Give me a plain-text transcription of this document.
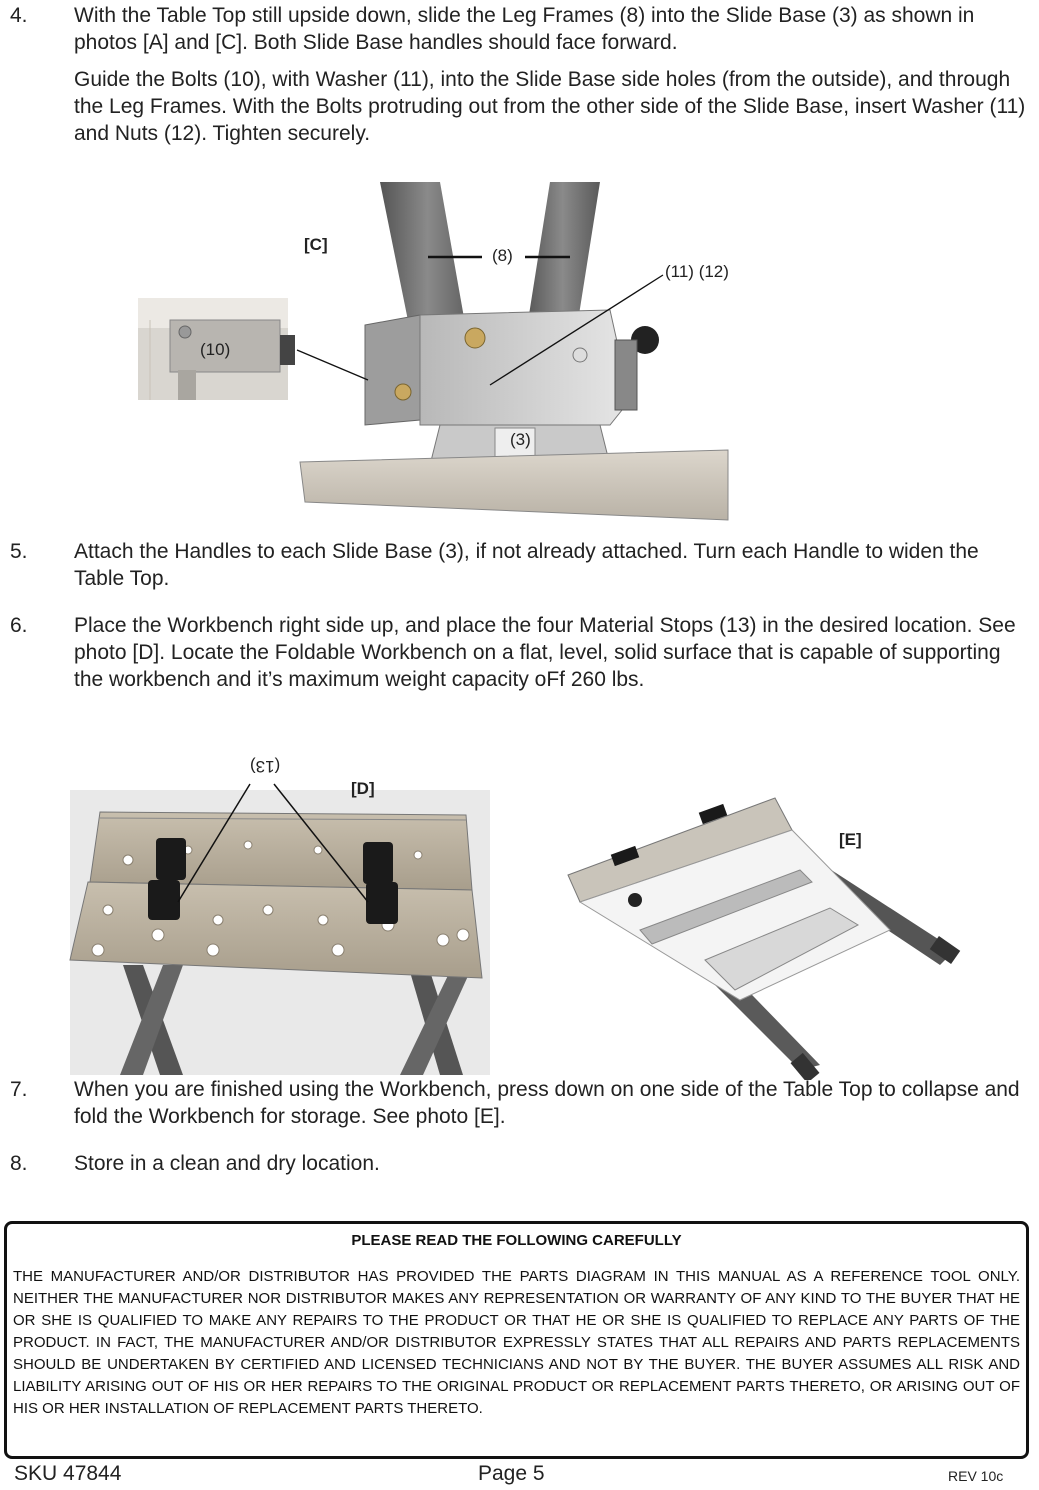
4.	With the Table Top still upside down, slide the Leg Frames (8) into the Slide Base (3) as shown in photos [A] and [C]. Both Slide Base handles should face forward.

Guide the Bolts (10), with Washer (11), into the Slide Base side holes (from the outside), and through the Leg Frames. With the Bolts protruding out from the other side of the Slide Base, insert Washer (11) and Nuts (12). Tighten securely.

[C]
(8)
(11) (12)
(10)
(3)
5.	Attach the Handles to each Slide Base (3), if not already attached. Turn each Handle to widen the Table Top.

6.	Place the Workbench right side up, and place the four Material Stops (13) in the desired location. See photo [D]. Locate the Foldable Workbench on a flat, level, solid surface that is capable of supporting the workbench and it’s maximum weight capacity oFf 260 lbs.

(13)
[D]
[E]
7.	When you are finished using the Workbench, press down on one side of the Table Top to collapse and fold the Workbench for storage. See photo [E].

8.	Store in a clean and dry location.

PLEASE READ THE FOLLOWING CAREFULLY
THE MANUFACTURER AND/OR DISTRIBUTOR HAS PROVIDED THE PARTS DIAGRAM IN THIS MANUAL AS A REFERENCE TOOL ONLY. NEITHER THE MANUFACTURER NOR DISTRIBUTOR MAKES ANY REPRESENTATION OR WARRANTY OF ANY KIND TO THE BUYER THAT HE OR SHE IS QUALIFIED TO MAKE ANY REPAIRS TO THE PRODUCT OR THAT HE OR SHE IS QUALIFIED TO REPLACE ANY PARTS OF THE PRODUCT. IN FACT, THE MANUFACTURER AND/OR DISTRIBUTOR EXPRESSLY STATES THAT ALL REPAIRS AND PARTS REPLACEMENTS SHOULD BE UNDERTAKEN BY CERTIFIED AND LICENSED TECHNICIANS AND NOT BY THE BUYER. THE BUYER ASSUMES ALL RISK AND LIABILITY ARISING OUT OF HIS OR HER REPAIRS TO THE ORIGINAL PRODUCT OR REPLACEMENT PARTS THERETO, OR ARISING OUT OF HIS OR HER INSTALLATION OF REPLACEMENT PARTS THERETO.
SKU 47844	Page 5	REV 10c
